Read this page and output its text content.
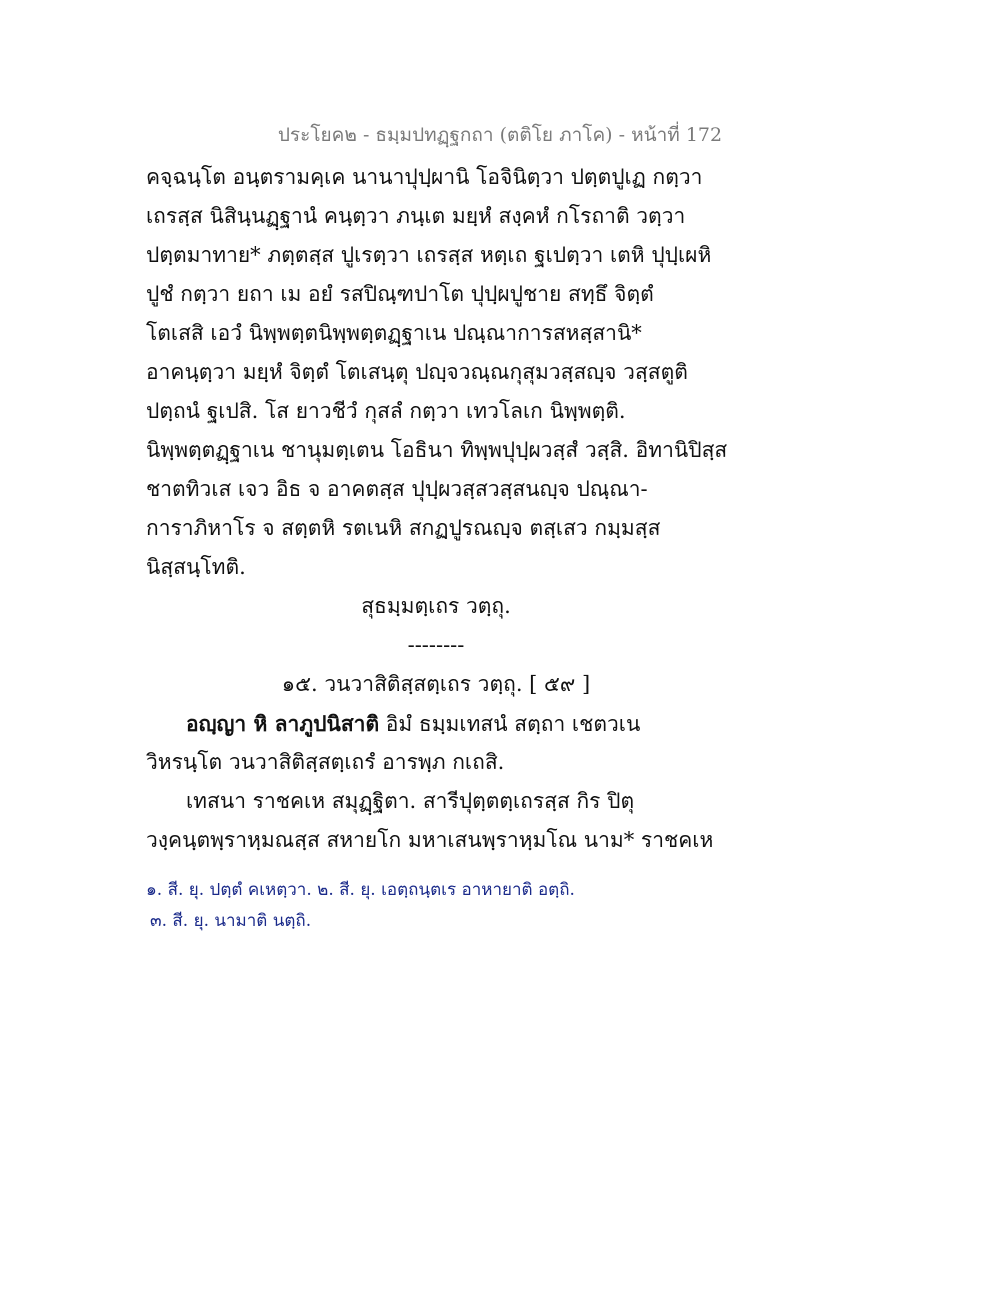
ประโยค๒ - ธมฺมปทฏฺฐกถา (ตติโย ภาโค) - หน้าที่ 172
คจฺฉนฺโต อนฺตรามคฺเค นานาปุปฺผานิ โอจินิตฺวา ปตฺตปูเฏ กตฺวา
เถรสฺส นิสินฺนฏฺฐานํ คนฺตฺวา ภนฺเต มยฺหํ สงฺคหํ กโรถาติ วตฺวา
ปตฺตมาทาย* ภตฺตสฺส ปูเรตฺวา เถรสฺส หตฺเถ ฐเปตฺวา เตหิ ปุปฺเผหิ
ปูชํ กตฺวา ยถา เม อยํ รสปิณฺฑปาโต ปุปฺผปูชาย สทฺธึ จิตฺตํ
โตเสสิ เอวํ นิพฺพตฺตนิพฺพตฺตฏฺฐาเน ปณฺณาการสหสฺสานิ*
อาคนฺตฺวา มยฺหํ จิตฺตํ โตเสนฺตุ ปญฺจวณฺณกุสุมวสฺสญฺจ วสฺสตูติ
ปตฺถนํ ฐเปสิ. โส ยาวชีวํ กุสลํ กตฺวา เทวโลเก นิพฺพตฺติ.
นิพฺพตฺตฏฺฐาเน ชานุมตฺเตน โอธินา ทิพฺพปุปฺผวสฺสํ วสฺสิ. อิทานิปิสฺส
ชาตทิวเส เจว อิธ จ อาคตสฺส ปุปฺผวสฺสวสฺสนญฺจ ปณฺณา-
การาภิหาโร จ สตฺตหิ รตเนหิ สกฏปูรณญฺจ ตสฺเสว กมฺมสฺส
นิสฺสนฺโทติ.
สุธมฺมตฺเถร วตฺถุ.
--------
๑๕. วนวาสิติสฺสตฺเถร วตฺถุ. [ ๕๙ ]
อญฺญา หิ ลาภูปนิสาติ อิมํ ธมฺมเทสนํ สตฺถา เชตวเน
วิหรนฺโต วนวาสิติสฺสตฺเถรํ อารพฺภ กเถสิ.
เทสนา ราชคเห สมุฏฺฐิตา. สารีปุตฺตตฺเถรสฺส กิร ปิตุ
วงฺคนฺตพฺราหฺมณสฺส สหายโก มหาเสนพฺราหฺมโณ นาม* ราชคเห
๑. สี. ยุ. ปตฺตํ คเหตฺวา. ๒. สี. ยุ. เอตฺถนฺตเร อาหายาติ อตฺถิ.
๓. สี. ยุ. นามาติ นตฺถิ.
